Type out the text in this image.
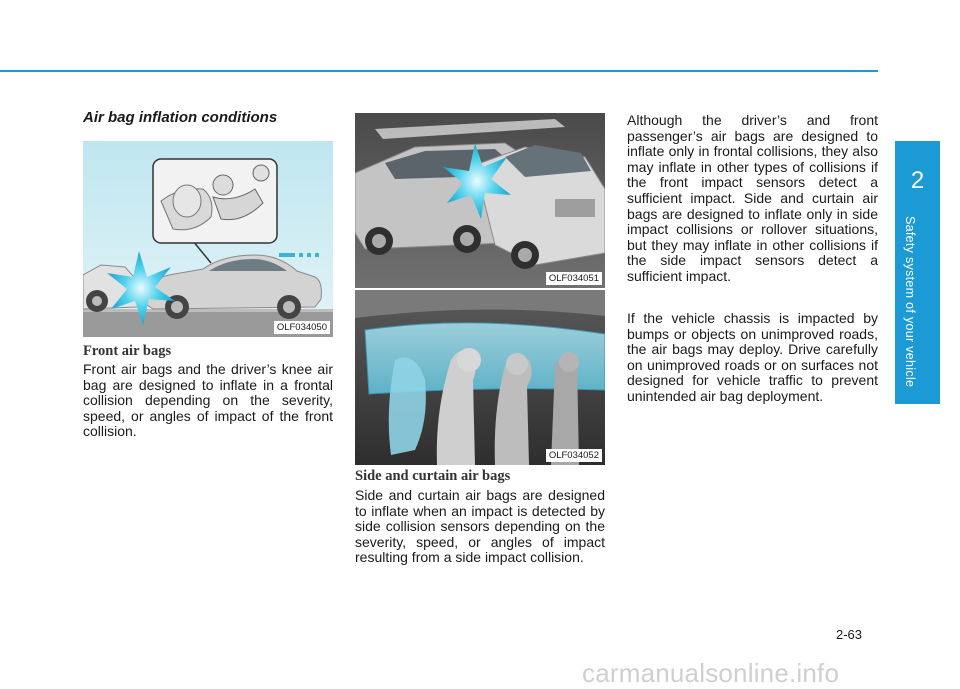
Air bag inflation conditions
OLF034050
Front air bags

Front air bags and the driver’s knee air bag are designed to inflate in a frontal collision depending on the severity, speed, or angles of impact of the front collision.

OLF034051
OLF034052
Side and curtain air bags

Side and curtain air bags are designed to inflate when an impact is detected by side collision sensors depending on the severity, speed, or angles of impact resulting from a side impact collision.

Although the driver’s and front passenger’s air bags are designed to inflate only in frontal collisions, they also may inflate in other types of collisions if the front impact sensors detect a sufficient impact. Side and curtain air bags are designed to inflate only in side impact collisions or rollover situations, but they may inflate in other collisions if the side impact sensors detect a sufficient impact.

If the vehicle chassis is impacted by bumps or objects on unimproved roads, the air bags may deploy. Drive carefully on unimproved roads or on surfaces not designed for vehicle traffic to prevent unintended air bag deployment.

2
Safety system of your vehicle
2-63
carmanualsonline.info
